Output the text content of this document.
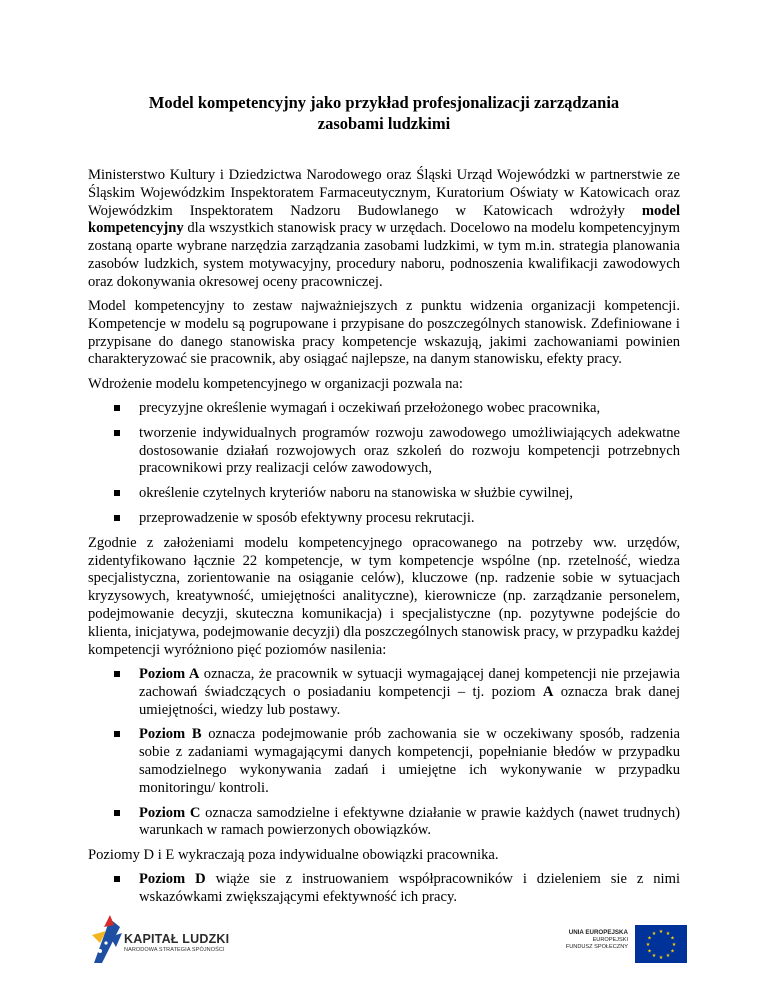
Model kompetencyjny jako przykład profesjonalizacji zarządzania
zasobami ludzkimi

Ministerstwo Kultury i Dziedzictwa Narodowego oraz Śląski Urząd Wojewódzki w partnerstwie ze Śląskim Wojewódzkim Inspektoratem Farmaceutycznym, Kuratorium Oświaty w Katowicach oraz Wojewódzkim Inspektoratem Nadzoru Budowlanego w Katowicach wdrożyły model kompetencyjny dla wszystkich stanowisk pracy w urzędach. Docelowo na modelu kompetencyjnym zostaną oparte wybrane narzędzia zarządzania zasobami ludzkimi, w tym m.in. strategia planowania zasobów ludzkich, system motywacyjny, procedury naboru, podnoszenia kwalifikacji zawodowych oraz dokonywania okresowej oceny pracowniczej.

Model kompetencyjny to zestaw najważniejszych z punktu widzenia organizacji kompetencji. Kompetencje w modelu są pogrupowane i przypisane do poszczególnych stanowisk. Zdefiniowane i przypisane do danego stanowiska pracy kompetencje wskazują, jakimi zachowaniami powinien charakteryzować sie pracownik, aby osiągać najlepsze, na danym stanowisku, efekty pracy.

Wdrożenie modelu kompetencyjnego w organizacji pozwala na:

precyzyjne określenie wymagań i oczekiwań przełożonego wobec pracownika,
tworzenie indywidualnych programów rozwoju zawodowego umożliwiających adekwatne dostosowanie działań rozwojowych oraz szkoleń do rozwoju kompetencji potrzebnych pracownikowi przy realizacji celów zawodowych,
określenie czytelnych kryteriów naboru na stanowiska w służbie cywilnej,
przeprowadzenie w sposób efektywny procesu rekrutacji.

Zgodnie z założeniami modelu kompetencyjnego opracowanego na potrzeby ww. urzędów, zidentyfikowano łącznie 22 kompetencje, w tym kompetencje wspólne (np. rzetelność, wiedza specjalistyczna, zorientowanie na osiąganie celów), kluczowe (np. radzenie sobie w sytuacjach kryzysowych, kreatywność, umiejętności analityczne), kierownicze (np. zarządzanie personelem, podejmowanie decyzji, skuteczna komunikacja) i specjalistyczne (np. pozytywne podejście do klienta, inicjatywa, podejmowanie decyzji) dla poszczególnych stanowisk pracy, w przypadku każdej kompetencji wyróżniono pięć poziomów nasilenia:

Poziom A oznacza, że pracownik w sytuacji wymagającej danej kompetencji nie przejawia zachowań świadczących o posiadaniu kompetencji – tj. poziom A oznacza brak danej umiejętności, wiedzy lub postawy.
Poziom B oznacza podejmowanie prób zachowania sie w oczekiwany sposób, radzenia sobie z zadaniami wymagającymi danych kompetencji, popełnianie błedów w przypadku samodzielnego wykonywania zadań i umiejętne ich wykonywanie w przypadku monitoringu/ kontroli.
Poziom C oznacza samodzielne i efektywne działanie w prawie każdych (nawet trudnych) warunkach w ramach powierzonych obowiązków.

Poziomy D i E wykraczają poza indywidualne obowiązki pracownika.

Poziom D wiąże sie z instruowaniem współpracowników i dzieleniem sie z nimi wskazówkami zwiększającymi efektywność ich pracy.
KAPITAŁ LUDZKI
NARODOWA STRATEGIA SPÓJNOŚCI
UNIA EUROPEJSKA
EUROPEJSKI
FUNDUSZ SPOŁECZNY
★ ★
★
★
★
★
★
★
★
★
★
★
